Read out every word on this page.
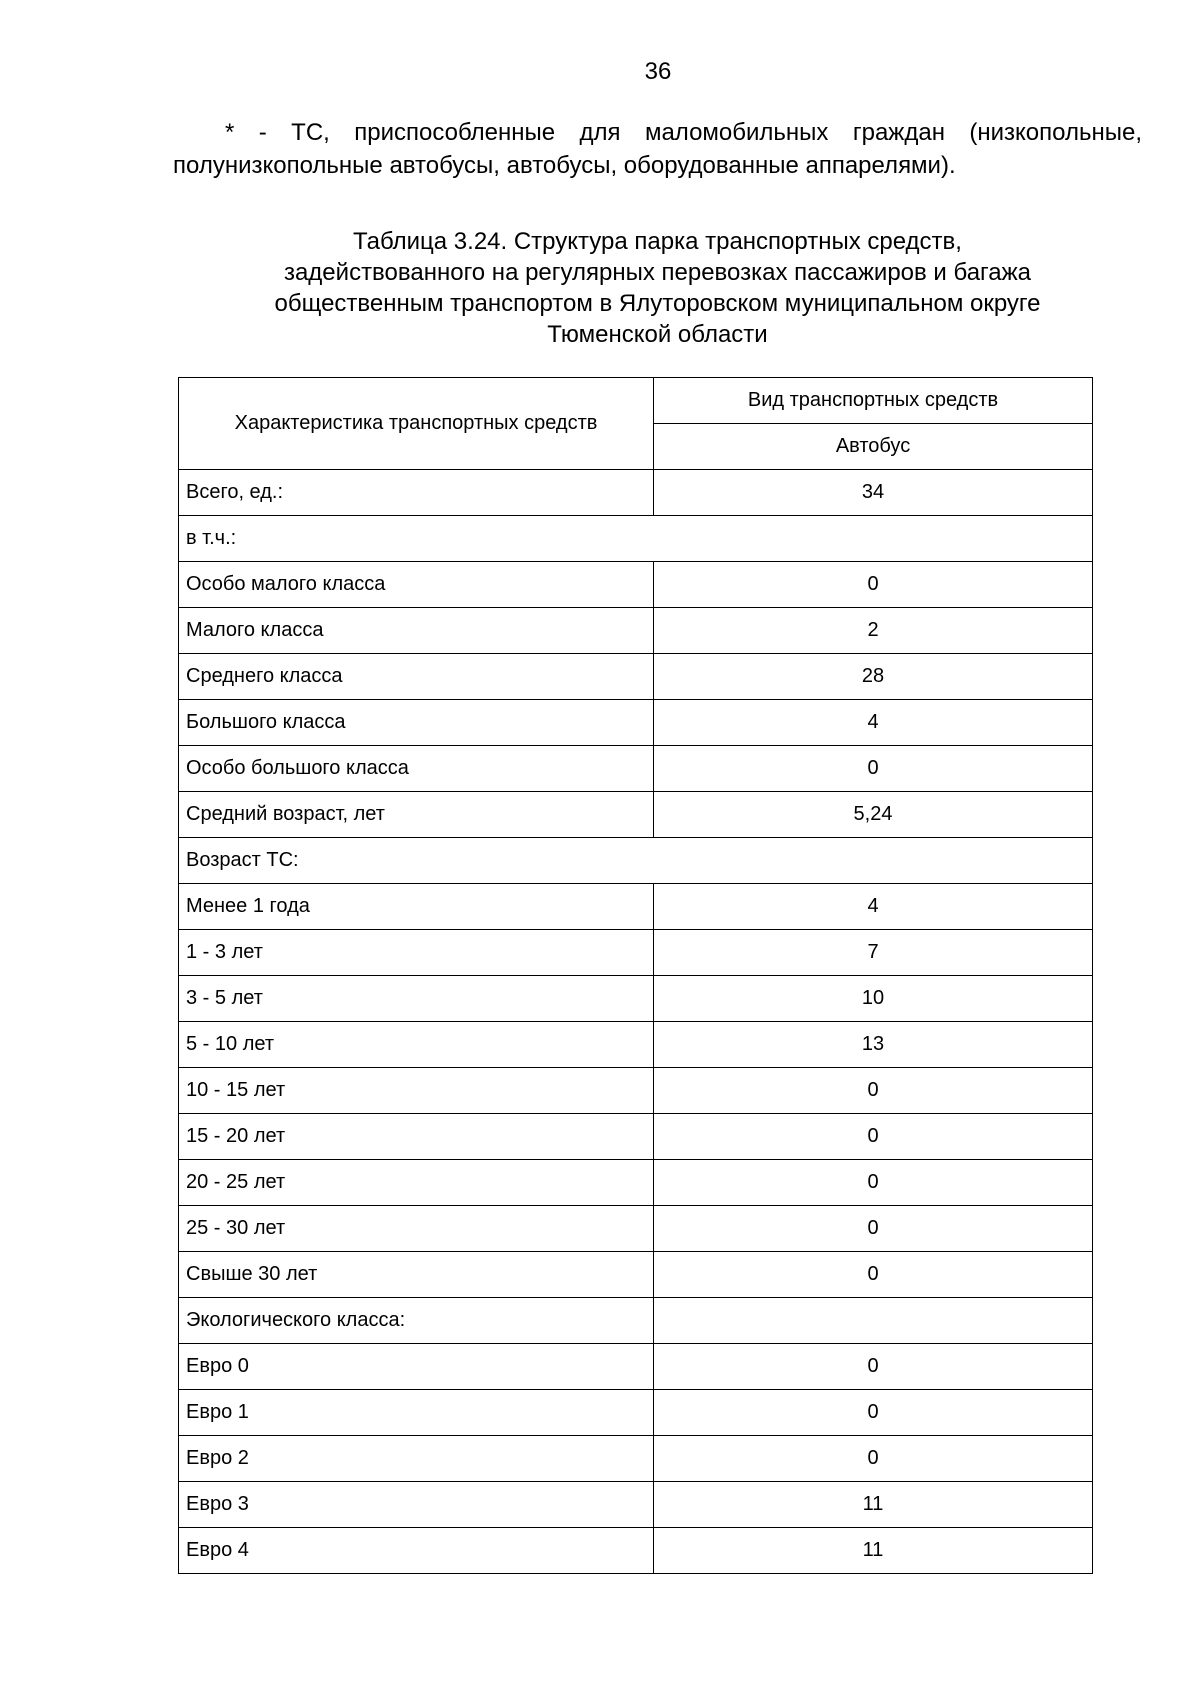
36

* - ТС, приспособленные для маломобильных граждан (низкопольные, полунизкопольные автобусы, автобусы, оборудованные аппарелями).

Таблица 3.24. Структура парка транспортных средств,
задействованного на регулярных перевозках пассажиров и багажа
общественным транспортом в Ялуторовском муниципальном округе
Тюменской области
Характеристика транспортных средств	Вид транспортных средств
	Автобус
Всего, ед.:	34
в т.ч.:	
Особо малого класса	0
Малого класса	2
Среднего класса	28
Большого класса	4
Особо большого класса	0
Средний возраст, лет	5,24
Возраст ТС:	
Менее 1 года	4
1 - 3 лет	7
3 - 5 лет	10
5 - 10 лет	13
10 - 15 лет	0
15 - 20 лет	0
20 - 25 лет	0
25 - 30 лет	0
Свыше 30 лет	0
Экологического класса:	
Евро 0	0
Евро 1	0
Евро 2	0
Евро 3	11
Евро 4	11
